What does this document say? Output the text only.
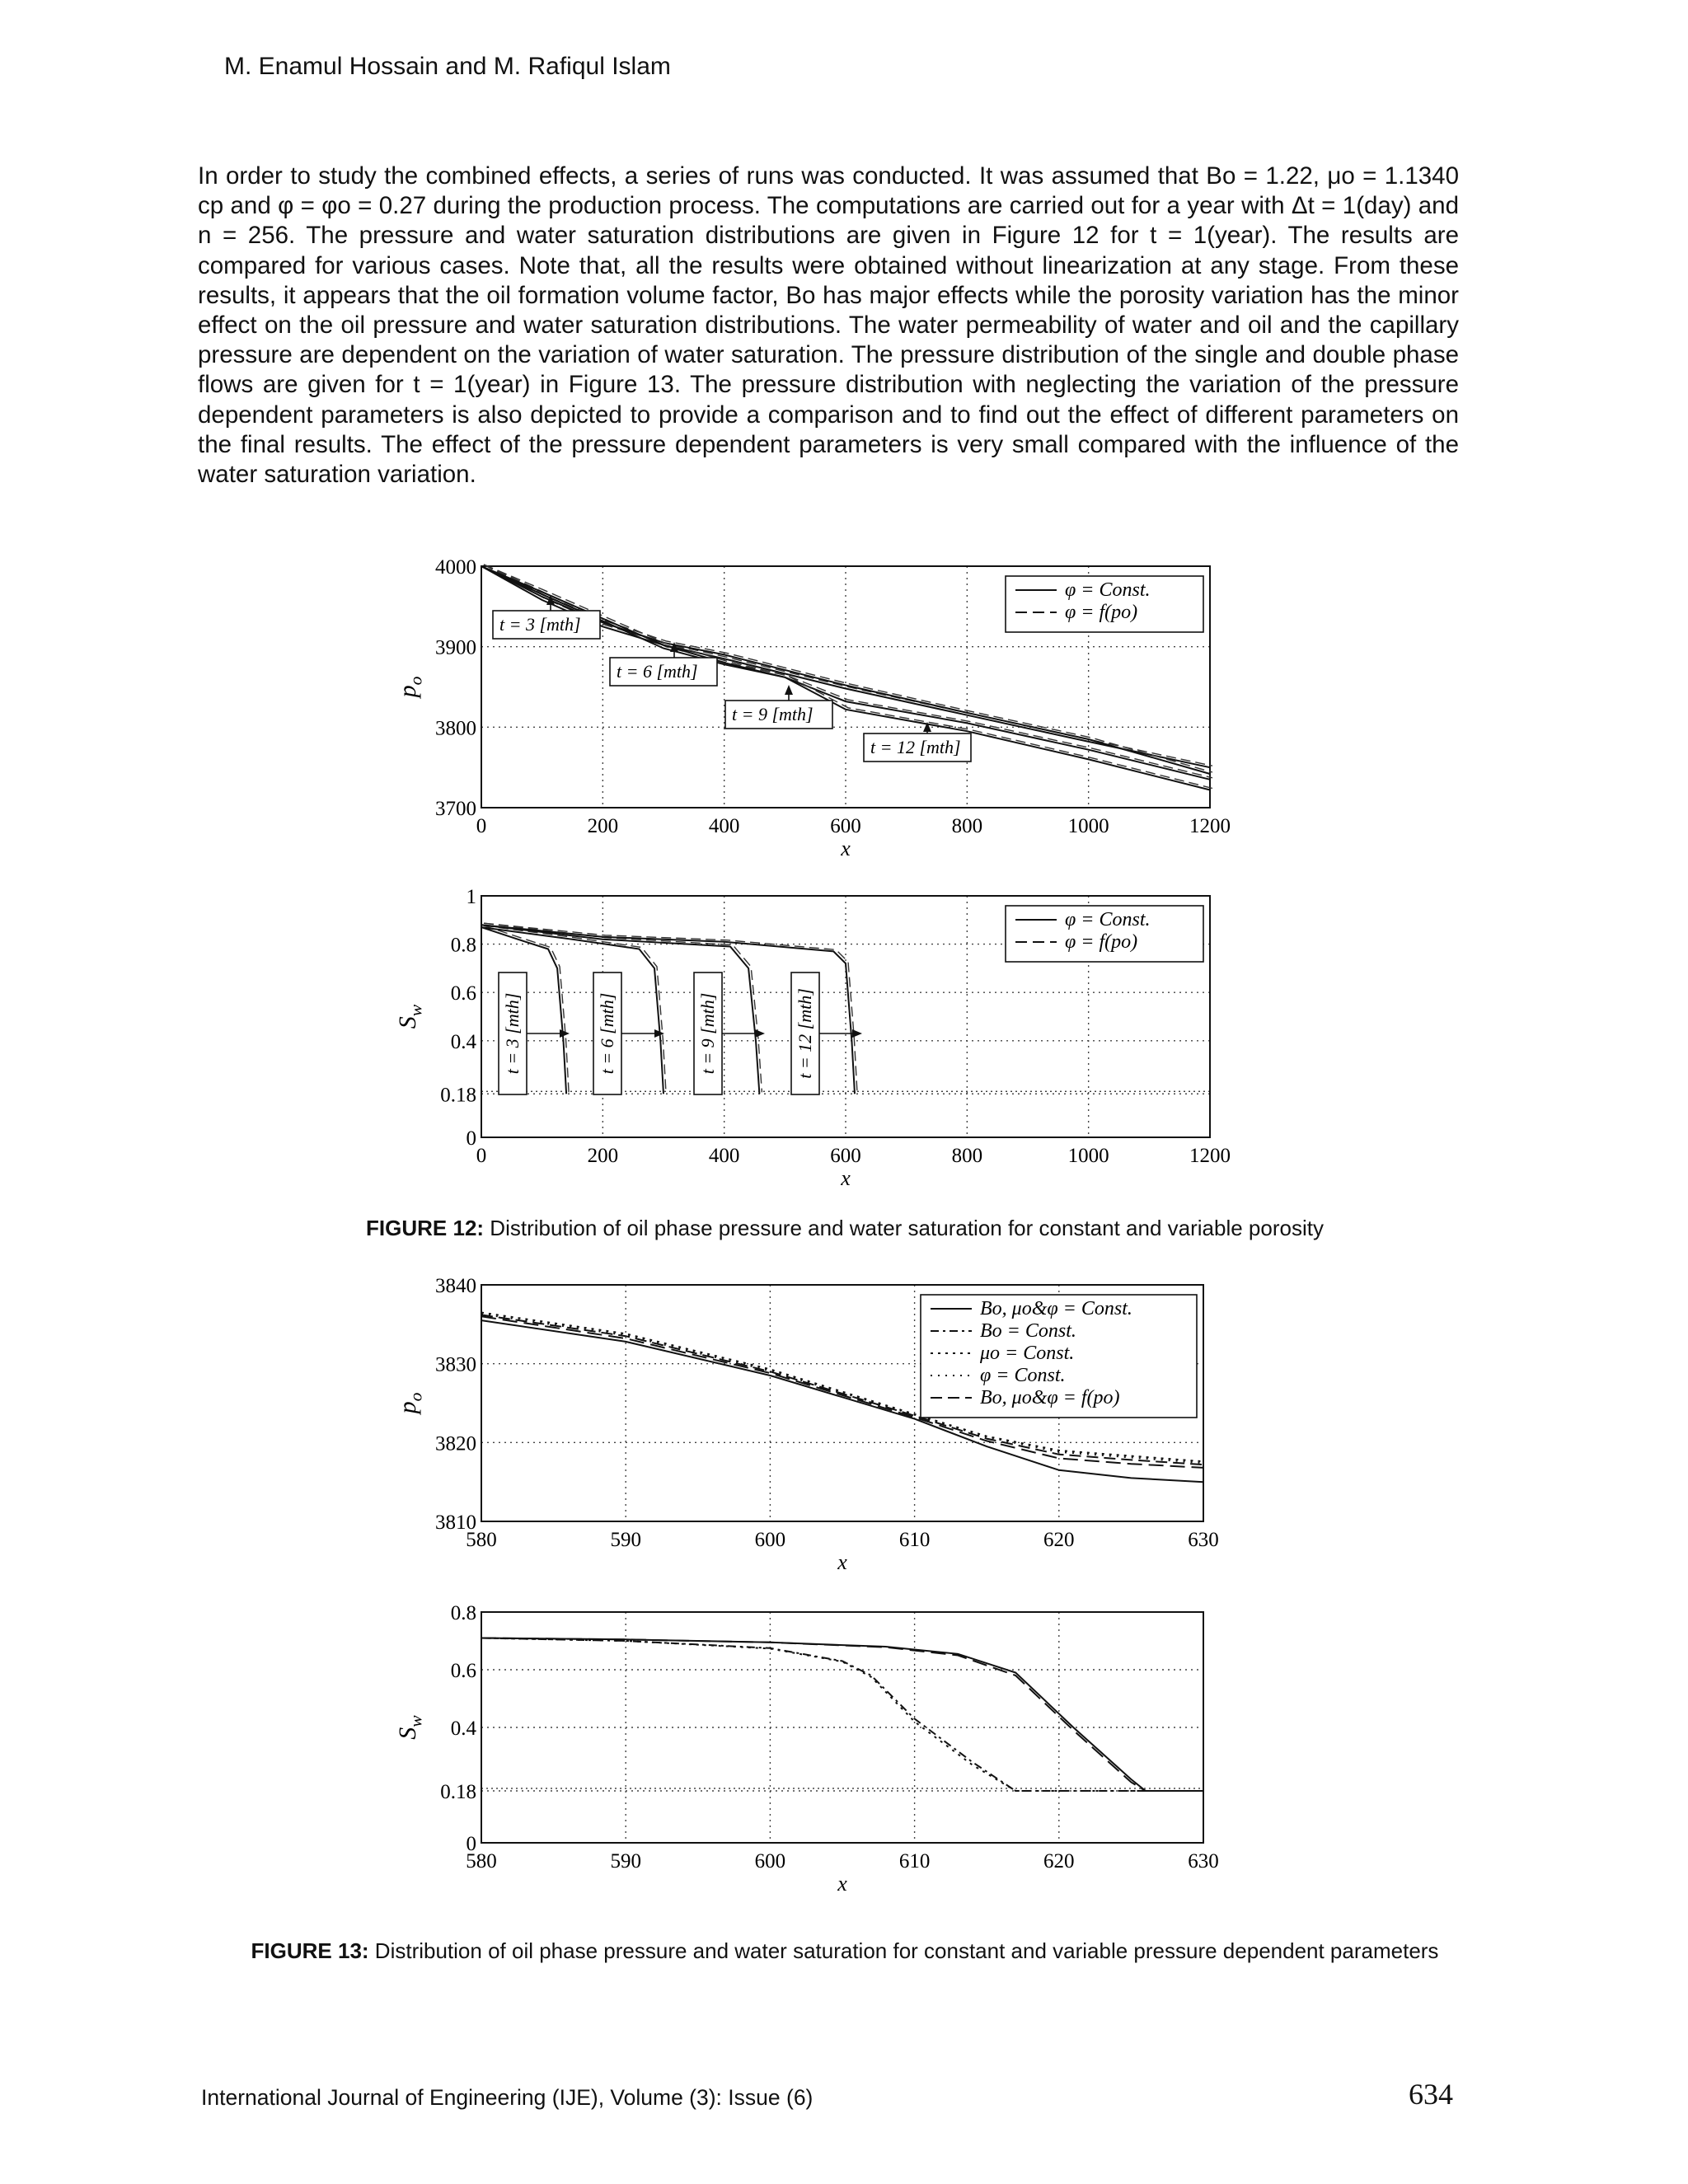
M. Enamul Hossain and M. Rafiqul Islam

In order to study the combined effects, a series of runs was conducted. It was assumed that Bo = 1.22, μo = 1.1340 cp and φ = φo = 0.27 during the production process. The computations are carried out for a year with Δt = 1(day) and n = 256. The pressure and water saturation distributions are given in Figure 12 for t = 1(year). The results are compared for various cases. Note that, all the results were obtained without linearization at any stage. From these results, it appears that the oil formation volume factor, Bo has major effects while the porosity variation has the minor effect on the oil pressure and water saturation distributions. The water permeability of water and oil and the capillary pressure are dependent on the variation of water saturation. The pressure distribution of the single and double phase flows are given for t = 1(year) in Figure 13. The pressure distribution with neglecting the variation of the pressure dependent parameters is also depicted to provide a comparison and to find out the effect of different parameters on the final results. The effect of the pressure dependent parameters is very small compared with the influence of the water saturation variation.

3700
3800
3900
4000
0	200	400	600	800	1000	1200
x
$p_o$
φ = Const.
φ = f(po)
t = 3 [mth]
t = 6 [mth]
t = 9 [mth]
t = 12 [mth]
0
0.18
0.4
0.6
0.8
1
0	200	400	600	800	1000	1200
x
$S_w$
φ = Const.
φ = f(po)
t = 3 [mth]	t = 6 [mth]	t = 9 [mth]	t = 12 [mth]
FIGURE 12: Distribution of oil phase pressure and water saturation for constant and variable porosity
3810
3820
3830
3840
580	590	600	610	620	630
x
$p_o$
Bo, μo&φ = Const.
Bo = Const.
μo = Const.
φ = Const.
Bo, μo&φ = f(po)
0
0.18
0.4
0.6
0.8
580	590	600	610	620	630
x
$S_w$
FIGURE 13: Distribution of oil phase pressure and water saturation for constant and variable pressure dependent parameters
International Journal of Engineering (IJE), Volume (3): Issue (6)	634
